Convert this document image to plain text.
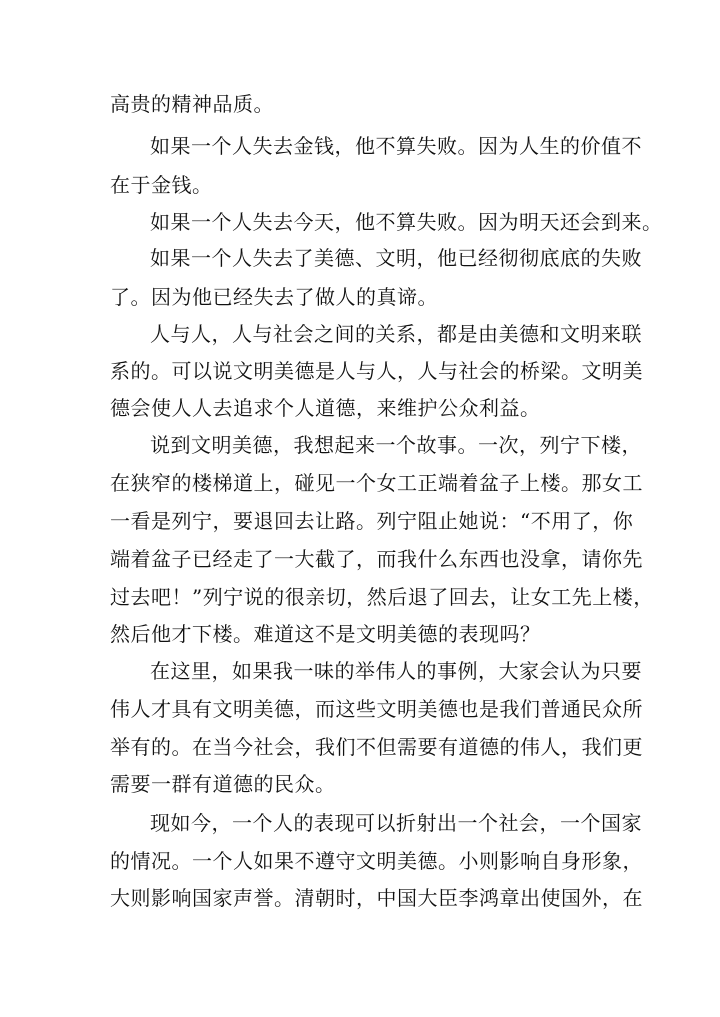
高贵的精神品质。
如果一个人失去金钱，他不算失败。因为人生的价值不
在于金钱。
如果一个人失去今天，他不算失败。因为明天还会到来。
如果一个人失去了美德、文明，他已经彻彻底底的失败
了。因为他已经失去了做人的真谛。
人与人，人与社会之间的关系，都是由美德和文明来联
系的。可以说文明美德是人与人，人与社会的桥梁。文明美
德会使人人去追求个人道德，来维护公众利益。
说到文明美德，我想起来一个故事。一次，列宁下楼，
在狭窄的楼梯道上，碰见一个女工正端着盆子上楼。那女工
一看是列宁，要退回去让路。列宁阻止她说：“不用了，你
端着盆子已经走了一大截了，而我什么东西也没拿，请你先
过去吧！”列宁说的很亲切，然后退了回去，让女工先上楼，
然后他才下楼。难道这不是文明美德的表现吗？
在这里，如果我一味的举伟人的事例，大家会认为只要
伟人才具有文明美德，而这些文明美德也是我们普通民众所
举有的。在当今社会，我们不但需要有道德的伟人，我们更
需要一群有道德的民众。
现如今，一个人的表现可以折射出一个社会，一个国家
的情况。一个人如果不遵守文明美德。小则影响自身形象，
大则影响国家声誉。清朝时，中国大臣李鸿章出使国外，在
